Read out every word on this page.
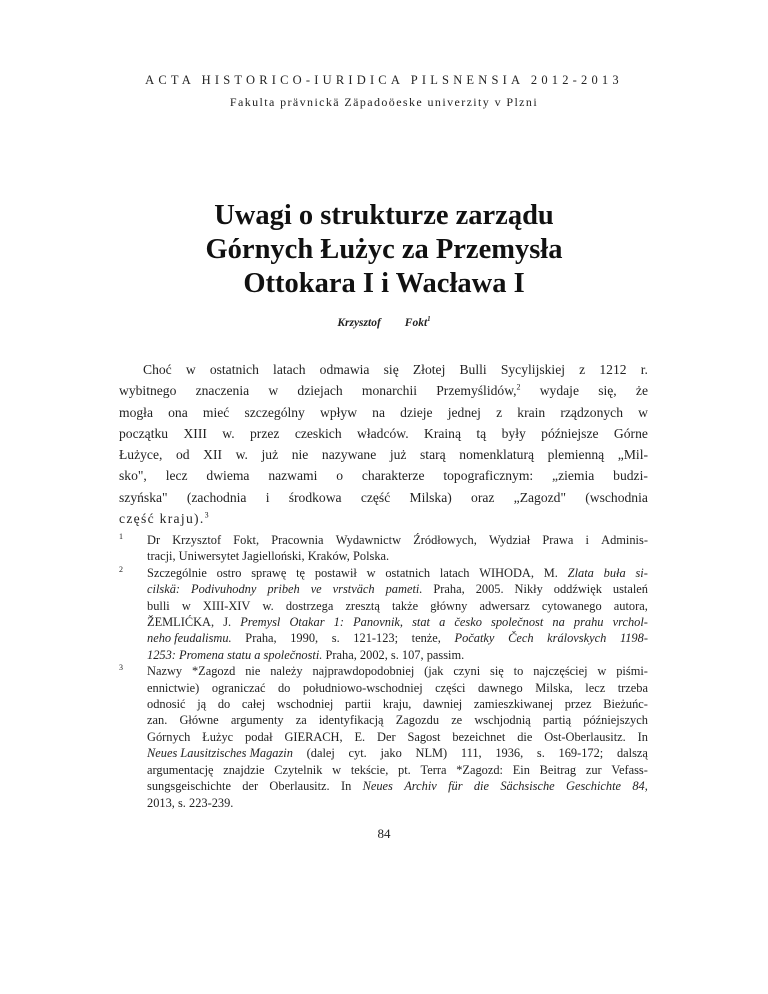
ACTA HISTORICO-IURIDICA PILSNENSIA 2012-2013
Fakulta prävnickä Zäpadoöeske univerzity v Plzni
Uwagi o strukturze zarządu
Górnych Łużyc za Przemysła
Ottokara I i Wacława I
Krzysztof Fokt$^1$
Choć w ostatnich latach odmawia się Złotej Bulli Sycylijskiej z 1212 r.
wybitnego znaczenia w dziejach monarchii Przemyślidów,$^2$ wydaje się, że
mogła ona mieć szczególny wpływ na dzieje jednej z krain rządzonych w
początku XIII w. przez czeskich władców. Krainą tą były późniejsze Górne
Łużyce, od XII w. już nie nazywane już starą nomenklaturą plemienną „Mil-
sko", lecz dwiema nazwami o charakterze topograficznym: „ziemia budzi-
szyńska" (zachodnia i środkowa część Milska) oraz „Zagozd" (wschodnia
część kraju).$^3$
1 Dr Krzysztof Fokt, Pracownia Wydawnictw Źródłowych, Wydział Prawa i Adminis-
tracji, Uniwersytet Jagielloński, Kraków, Polska.
2 Szczególnie ostro sprawę tę postawił w ostatnich latach WIHODA, M. Zlata buła si-
cilskä: Podivuhodny pribeh ve vrstväch pameti. Praha, 2005. Nikły oddźwięk ustaleń
bulli w XIII-XIV w. dostrzega zresztą także główny adwersarz cytowanego autora,
ŽEMLIĆKA, J. Premysl Otakar 1: Panovnik, stat a česko společnost na prahu vrchol-
neho feudalismu. Praha, 1990, s. 121-123; tenże, Počatky Čech královskych 1198-
1253: Promena statu a společnosti.
Praha, 2002, s. 107, passim.
3 Nazwy *Zagozd nie należy najprawdopodobniej (jak czyni się to najczęściej w piśmi-
ennictwie) ograniczać do południowo-wschodniej części dawnego Milska, lecz trzeba
odnosić ją do całej wschodniej partii kraju, dawniej zamieszkiwanej przez Bieżuńc-
zan. Główne argumenty za identyfikacją Zagozdu ze wschjodnią partią późniejszych
Górnych Łużyc podał GIERACH, E. Der Sagost bezeichnet die Ost-Oberlausitz. In
Neues Lausitzisches Magazin (dalej cyt. jako NLM) 111, 1936, s. 169-172; dalszą
argumentację znajdzie Czytelnik w tekście, pt. Terra *Zagozd: Ein Beitrag zur Vefass-
sungsgeischichte der Oberlausitz. In Neues Archiv für die Sächsische Geschichte 84,
2013, s. 223-239.
84
